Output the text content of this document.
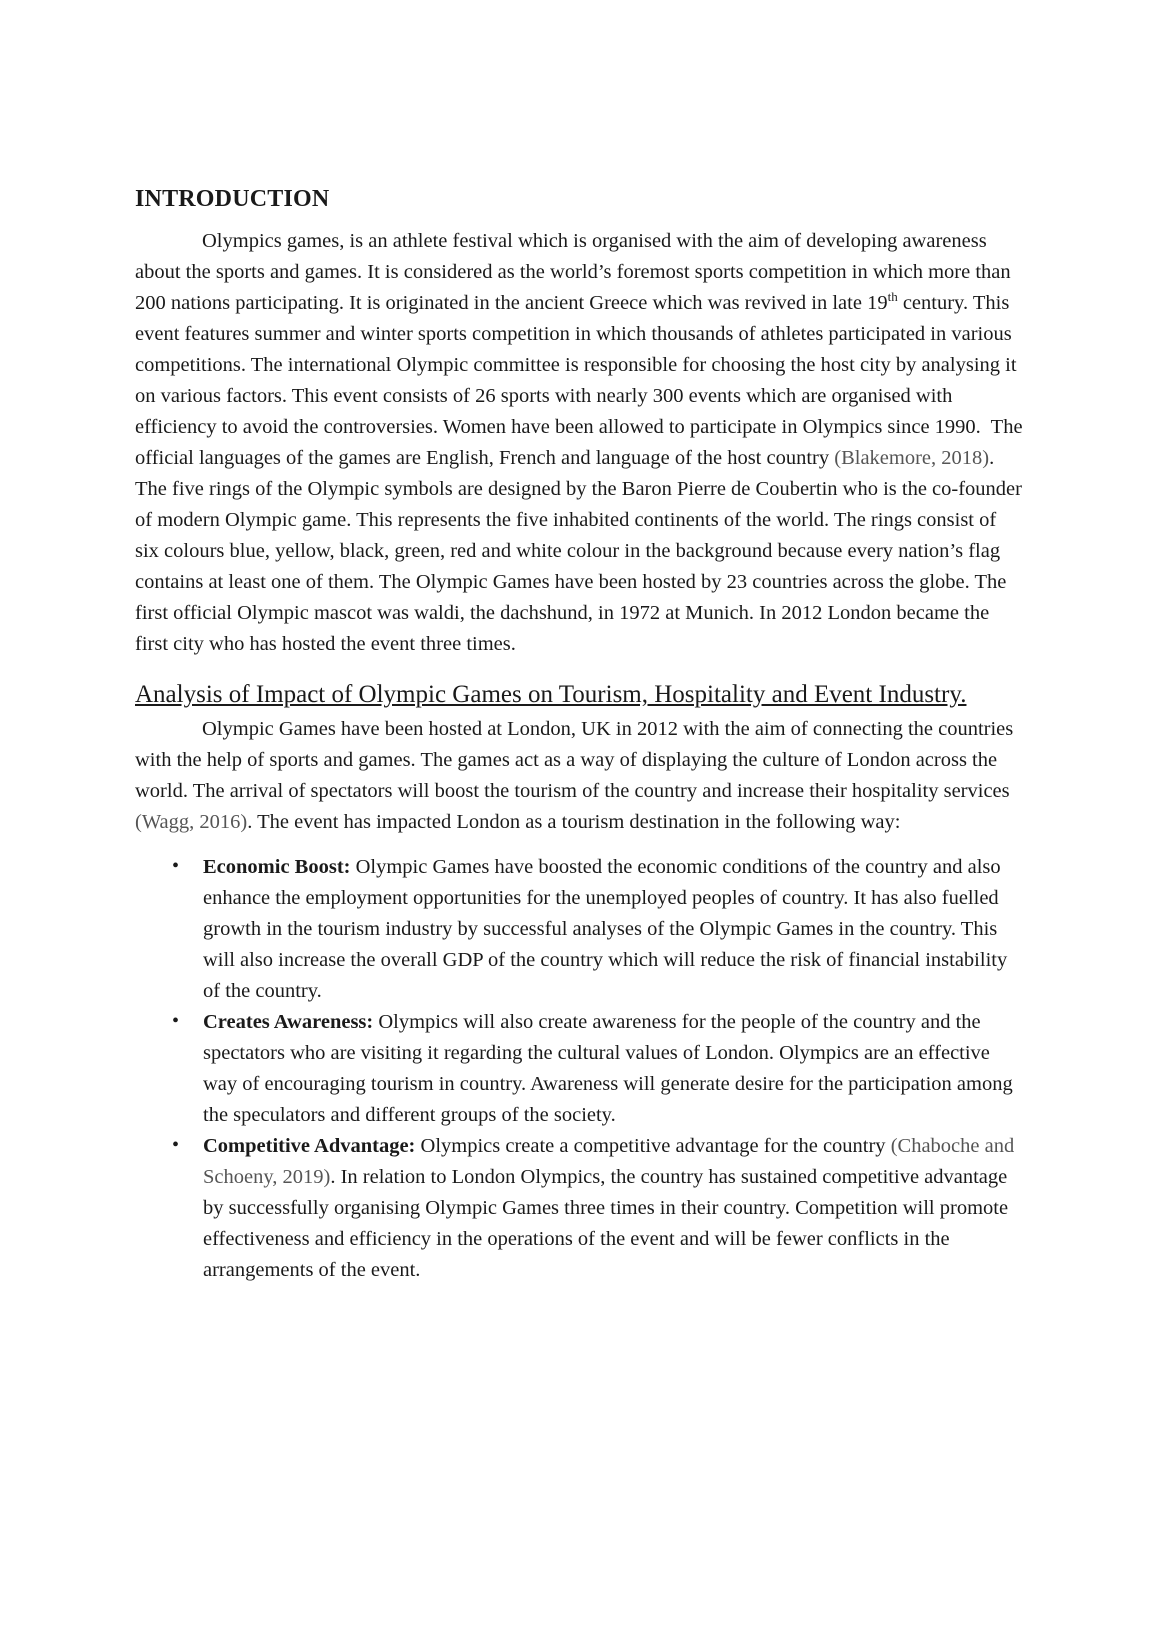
INTRODUCTION

Olympics games, is an athlete festival which is organised with the aim of developing awareness about the sports and games. It is considered as the world’s foremost sports competition in which more than 200 nations participating. It is originated in the ancient Greece which was revived in late 19th century. This event features summer and winter sports competition in which thousands of athletes participated in various competitions. The international Olympic committee is responsible for choosing the host city by analysing it on various factors. This event consists of 26 sports with nearly 300 events which are organised with efficiency to avoid the controversies. Women have been allowed to participate in Olympics since 1990.  The official languages of the games are English, French and language of the host country (Blakemore, 2018). The five rings of the Olympic symbols are designed by the Baron Pierre de Coubertin who is the co-founder of modern Olympic game. This represents the five inhabited continents of the world. The rings consist of six colours blue, yellow, black, green, red and white colour in the background because every nation’s flag contains at least one of them. The Olympic Games have been hosted by 23 countries across the globe. The first official Olympic mascot was waldi, the dachshund, in 1972 at Munich. In 2012 London became the first city who has hosted the event three times.

Analysis of Impact of Olympic Games on Tourism, Hospitality and Event Industry.

Olympic Games have been hosted at London, UK in 2012 with the aim of connecting the countries with the help of sports and games. The games act as a way of displaying the culture of London across the world. The arrival of spectators will boost the tourism of the country and increase their hospitality services (Wagg, 2016). The event has impacted London as a tourism destination in the following way:

• Economic Boost: Olympic Games have boosted the economic conditions of the country and also enhance the employment opportunities for the unemployed peoples of country. It has also fuelled growth in the tourism industry by successful analyses of the Olympic Games in the country. This will also increase the overall GDP of the country which will reduce the risk of financial instability of the country.
• Creates Awareness: Olympics will also create awareness for the people of the country and the spectators who are visiting it regarding the cultural values of London. Olympics are an effective way of encouraging tourism in country. Awareness will generate desire for the participation among the speculators and different groups of the society.
• Competitive Advantage: Olympics create a competitive advantage for the country (Chaboche and Schoeny, 2019). In relation to London Olympics, the country has sustained competitive advantage by successfully organising Olympic Games three times in their country. Competition will promote effectiveness and efficiency in the operations of the event and will be fewer conflicts in the arrangements of the event.
